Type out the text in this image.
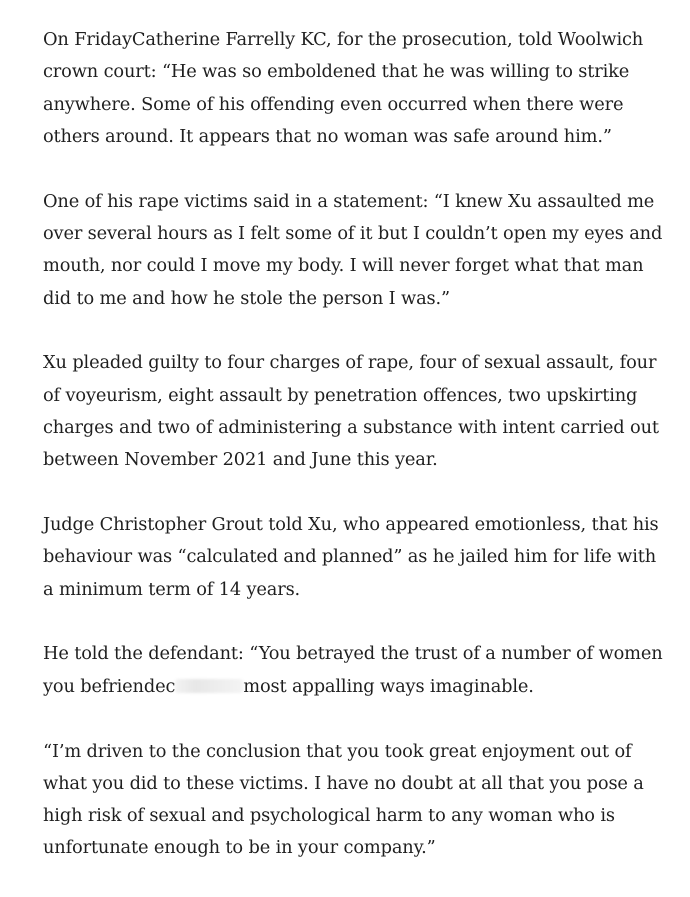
On FridayCatherine Farrelly KC, for the prosecution, told Woolwich
crown court: “He was so emboldened that he was willing to strike
anywhere. Some of his offending even occurred when there were
others around. It appears that no woman was safe around him.”

One of his rape victims said in a statement: “I knew Xu assaulted me
over several hours as I felt some of it but I couldn’t open my eyes and
mouth, nor could I move my body. I will never forget what that man
did to me and how he stole the person I was.”

Xu pleaded guilty to four charges of rape, four of sexual assault, four
of voyeurism, eight assault by penetration offences, two upskirting
charges and two of administering a substance with intent carried out
between November 2021 and June this year.

Judge Christopher Grout told Xu, who appeared emotionless, that his
behaviour was “calculated and planned” as he jailed him for life with
a minimum term of 14 years.

He told the defendant: “You betrayed the trust of a number of women
you befriendec	most appalling ways imaginable.

“I’m driven to the conclusion that you took great enjoyment out of
what you did to these victims. I have no doubt at all that you pose a
high risk of sexual and psychological harm to any woman who is
unfortunate enough to be in your company.”
